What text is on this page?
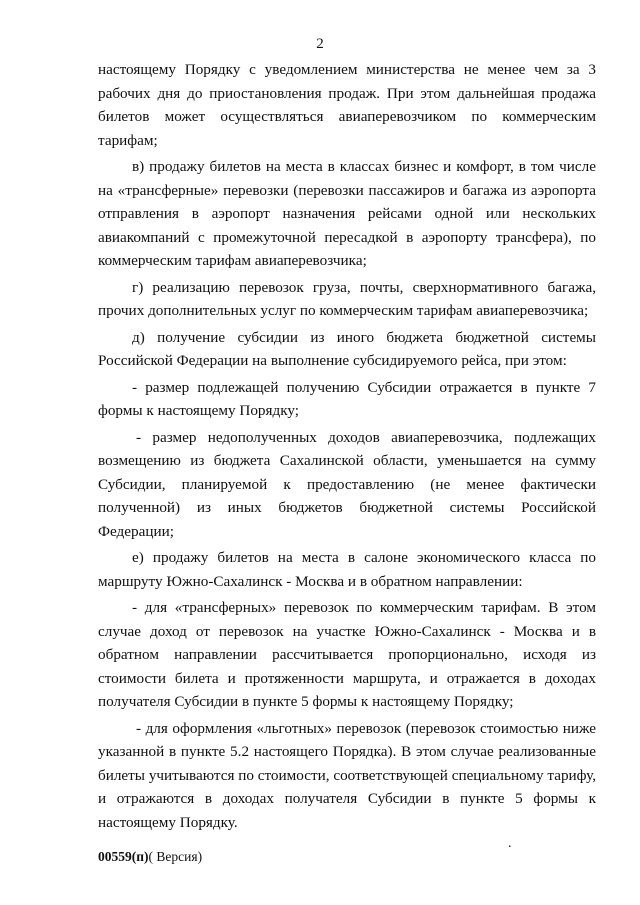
2

настоящему Порядку с уведомлением министерства не менее чем за 3 рабочих дня до приостановления продаж. При этом дальнейшая продажа билетов может осуществляться авиаперевозчиком по коммерческим тарифам;

в) продажу билетов на места в классах бизнес и комфорт, в том числе на «трансферные» перевозки (перевозки пассажиров и багажа из аэропорта отправления в аэропорт назначения рейсами одной или нескольких авиакомпаний с промежуточной пересадкой в аэропорту трансфера), по коммерческим тарифам авиаперевозчика;

г) реализацию перевозок груза, почты, сверхнормативного багажа, прочих дополнительных услуг по коммерческим тарифам авиаперевозчика;

д) получение субсидии из иного бюджета бюджетной системы Российской Федерации на выполнение субсидируемого рейса, при этом:

- размер подлежащей получению Субсидии отражается в пункте 7 формы к настоящему Порядку;

- размер недополученных доходов авиаперевозчика, подлежащих возмещению из бюджета Сахалинской области, уменьшается на сумму Субсидии, планируемой к предоставлению (не менее фактически полученной) из иных бюджетов бюджетной системы Российской Федерации;

е) продажу билетов на места в салоне экономического класса по маршруту Южно-Сахалинск - Москва и в обратном направлении:

- для «трансферных» перевозок по коммерческим тарифам. В этом случае доход от перевозок на участке Южно-Сахалинск - Москва и в обратном направлении рассчитывается пропорционально, исходя из стоимости билета и протяженности маршрута, и отражается в доходах получателя Субсидии в пункте 5 формы к настоящему Порядку;

- для оформления «льготных» перевозок (перевозок стоимостью ниже указанной в пункте 5.2 настоящего Порядка). В этом случае реализованные билеты учитываются по стоимости, соответствующей специальному тарифу, и отражаются в доходах получателя Субсидии в пункте 5 формы к настоящему Порядку.

.
00559(п)( Версия)
